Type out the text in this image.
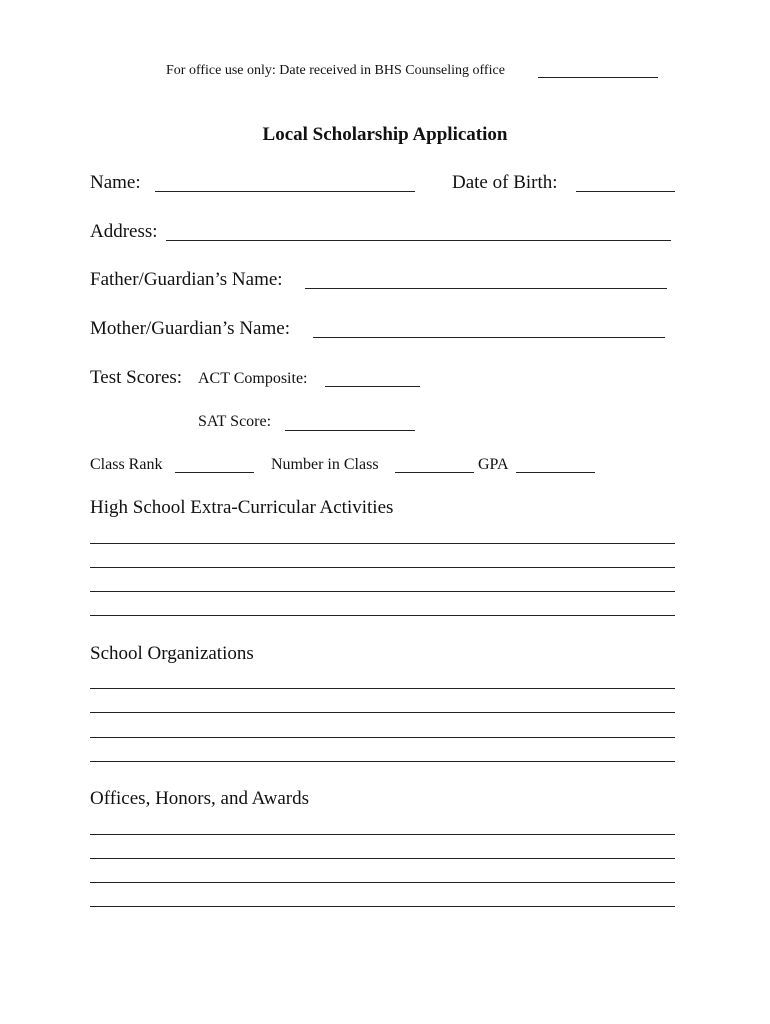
For office use only: Date received in BHS Counseling office

Local Scholarship Application

Name:	Date of Birth:

Address:

Father/Guardian’s Name:

Mother/Guardian’s Name:

Test Scores: ACT Composite:

SAT Score:

Class Rank	Number in Class	GPA

High School Extra-Curricular Activities

School Organizations

Offices, Honors, and Awards
